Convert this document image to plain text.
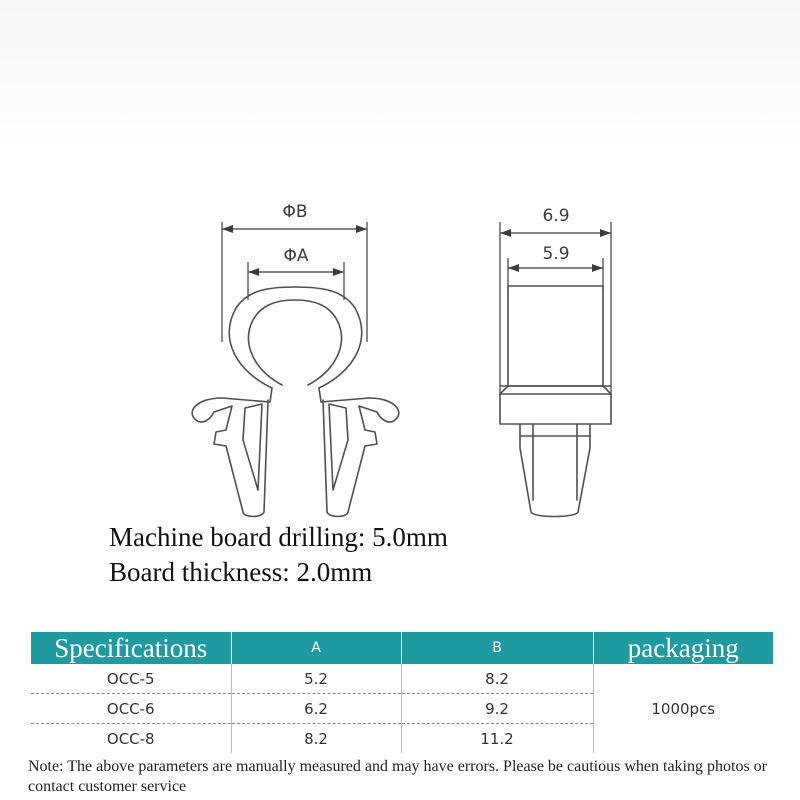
ΦB
ΦA
6.9
5.9
Machine board drilling: 5.0mm
Board thickness: 2.0mm
Specifications	A	B	packaging
OCC-5	5.2	8.2	1000pcs
OCC-6	6.2	9.2	
OCC-8	8.2	11.2	
Note: The above parameters are manually measured and may have errors. Please be cautious when taking photos or contact customer service
